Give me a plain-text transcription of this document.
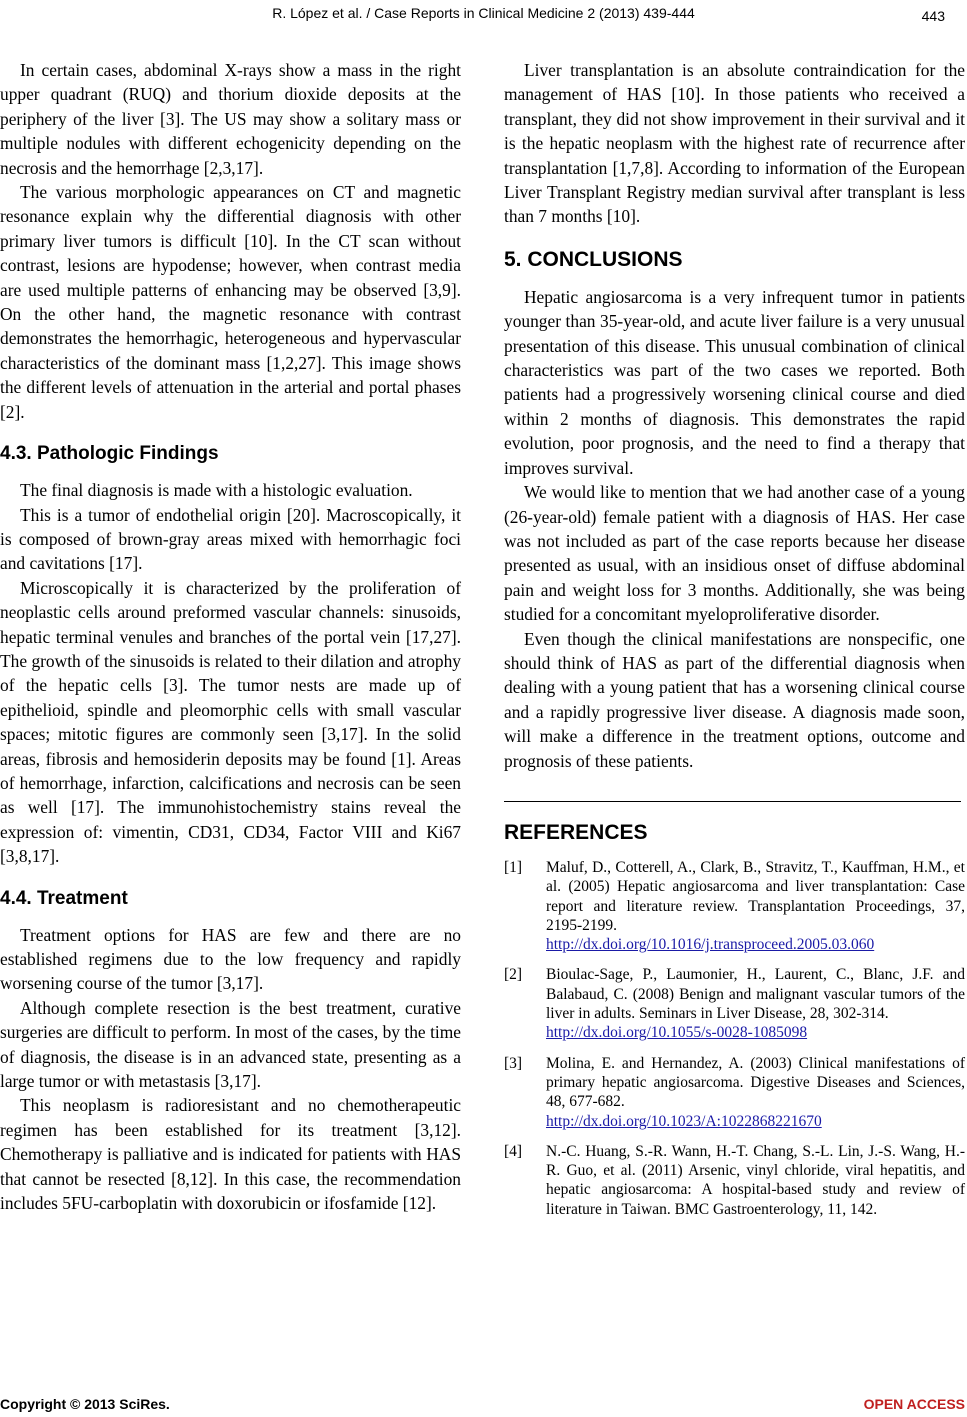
R. López et al. / Case Reports in Clinical Medicine 2 (2013) 439-444	443

In certain cases, abdominal X-rays show a mass in the right upper quadrant (RUQ) and thorium dioxide deposits at the periphery of the liver [3]. The US may show a solitary mass or multiple nodules with different echogenicity depending on the necrosis and the hemorrhage [2,3,17].

The various morphologic appearances on CT and magnetic resonance explain why the differential diagnosis with other primary liver tumors is difficult [10]. In the CT scan without contrast, lesions are hypodense; however, when contrast media are used multiple patterns of enhancing may be observed [3,9]. On the other hand, the magnetic resonance with contrast demonstrates the hemorrhagic, heterogeneous and hypervascular characteristics of the dominant mass [1,2,27]. This image shows the different levels of attenuation in the arterial and portal phases [2].

4.3. Pathologic Findings

The final diagnosis is made with a histologic evaluation.

This is a tumor of endothelial origin [20]. Macroscopically, it is composed of brown-gray areas mixed with hemorrhagic foci and cavitations [17].

Microscopically it is characterized by the proliferation of neoplastic cells around preformed vascular channels: sinusoids, hepatic terminal venules and branches of the portal vein [17,27]. The growth of the sinusoids is related to their dilation and atrophy of the hepatic cells [3]. The tumor nests are made up of epithelioid, spindle and pleomorphic cells with small vascular spaces; mitotic figures are commonly seen [3,17]. In the solid areas, fibrosis and hemosiderin deposits may be found [1]. Areas of hemorrhage, infarction, calcifications and necrosis can be seen as well [17]. The immunohistochemistry stains reveal the expression of: vimentin, CD31, CD34, Factor VIII and Ki67 [3,8,17].

4.4. Treatment

Treatment options for HAS are few and there are no established regimens due to the low frequency and rapidly worsening course of the tumor [3,17].

Although complete resection is the best treatment, curative surgeries are difficult to perform. In most of the cases, by the time of diagnosis, the disease is in an advanced state, presenting as a large tumor or with metastasis [3,17].

This neoplasm is radioresistant and no chemotherapeutic regimen has been established for its treatment [3,12]. Chemotherapy is palliative and is indicated for patients with HAS that cannot be resected [8,12]. In this case, the recommendation includes 5FU-carboplatin with doxorubicin or ifosfamide [12].

Liver transplantation is an absolute contraindication for the management of HAS [10]. In those patients who received a transplant, they did not show improvement in their survival and it is the hepatic neoplasm with the highest rate of recurrence after transplantation [1,7,8]. According to information of the European Liver Transplant Registry median survival after transplant is less than 7 months [10].

5. CONCLUSIONS

Hepatic angiosarcoma is a very infrequent tumor in patients younger than 35-year-old, and acute liver failure is a very unusual presentation of this disease. This unusual combination of clinical characteristics was part of the two cases we reported. Both patients had a progressively worsening clinical course and died within 2 months of diagnosis. This demonstrates the rapid evolution, poor prognosis, and the need to find a therapy that improves survival.

We would like to mention that we had another case of a young (26-year-old) female patient with a diagnosis of HAS. Her case was not included as part of the case reports because her disease presented as usual, with an insidious onset of diffuse abdominal pain and weight loss for 3 months. Additionally, she was being studied for a concomitant myeloproliferative disorder.

Even though the clinical manifestations are nonspecific, one should think of HAS as part of the differential diagnosis when dealing with a young patient that has a worsening clinical course and a rapidly progressive liver disease. A diagnosis made soon, will make a difference in the treatment options, outcome and prognosis of these patients.

REFERENCES
[1]	Maluf, D., Cotterell, A., Clark, B., Stravitz, T., Kauffman, H.M., et al. (2005) Hepatic angiosarcoma and liver transplantation: Case report and literature review. Transplantation Proceedings, 37, 2195-2199.
http://dx.doi.org/10.1016/j.transproceed.2005.03.060
[2]	Bioulac-Sage, P., Laumonier, H., Laurent, C., Blanc, J.F. and Balabaud, C. (2008) Benign and malignant vascular tumors of the liver in adults. Seminars in Liver Disease, 28, 302-314.
http://dx.doi.org/10.1055/s-0028-1085098
[3]	Molina, E. and Hernandez, A. (2003) Clinical manifestations of primary hepatic angiosarcoma. Digestive Diseases and Sciences, 48, 677-682.
http://dx.doi.org/10.1023/A:1022868221670
[4]	N.-C. Huang, S.-R. Wann, H.-T. Chang, S.-L. Lin, J.-S. Wang, H.-R. Guo, et al. (2011) Arsenic, vinyl chloride, viral hepatitis, and hepatic angiosarcoma: A hospital-based study and review of literature in Taiwan. BMC Gastroenterology, 11, 142.
Copyright © 2013 SciRes.	OPEN ACCESS
